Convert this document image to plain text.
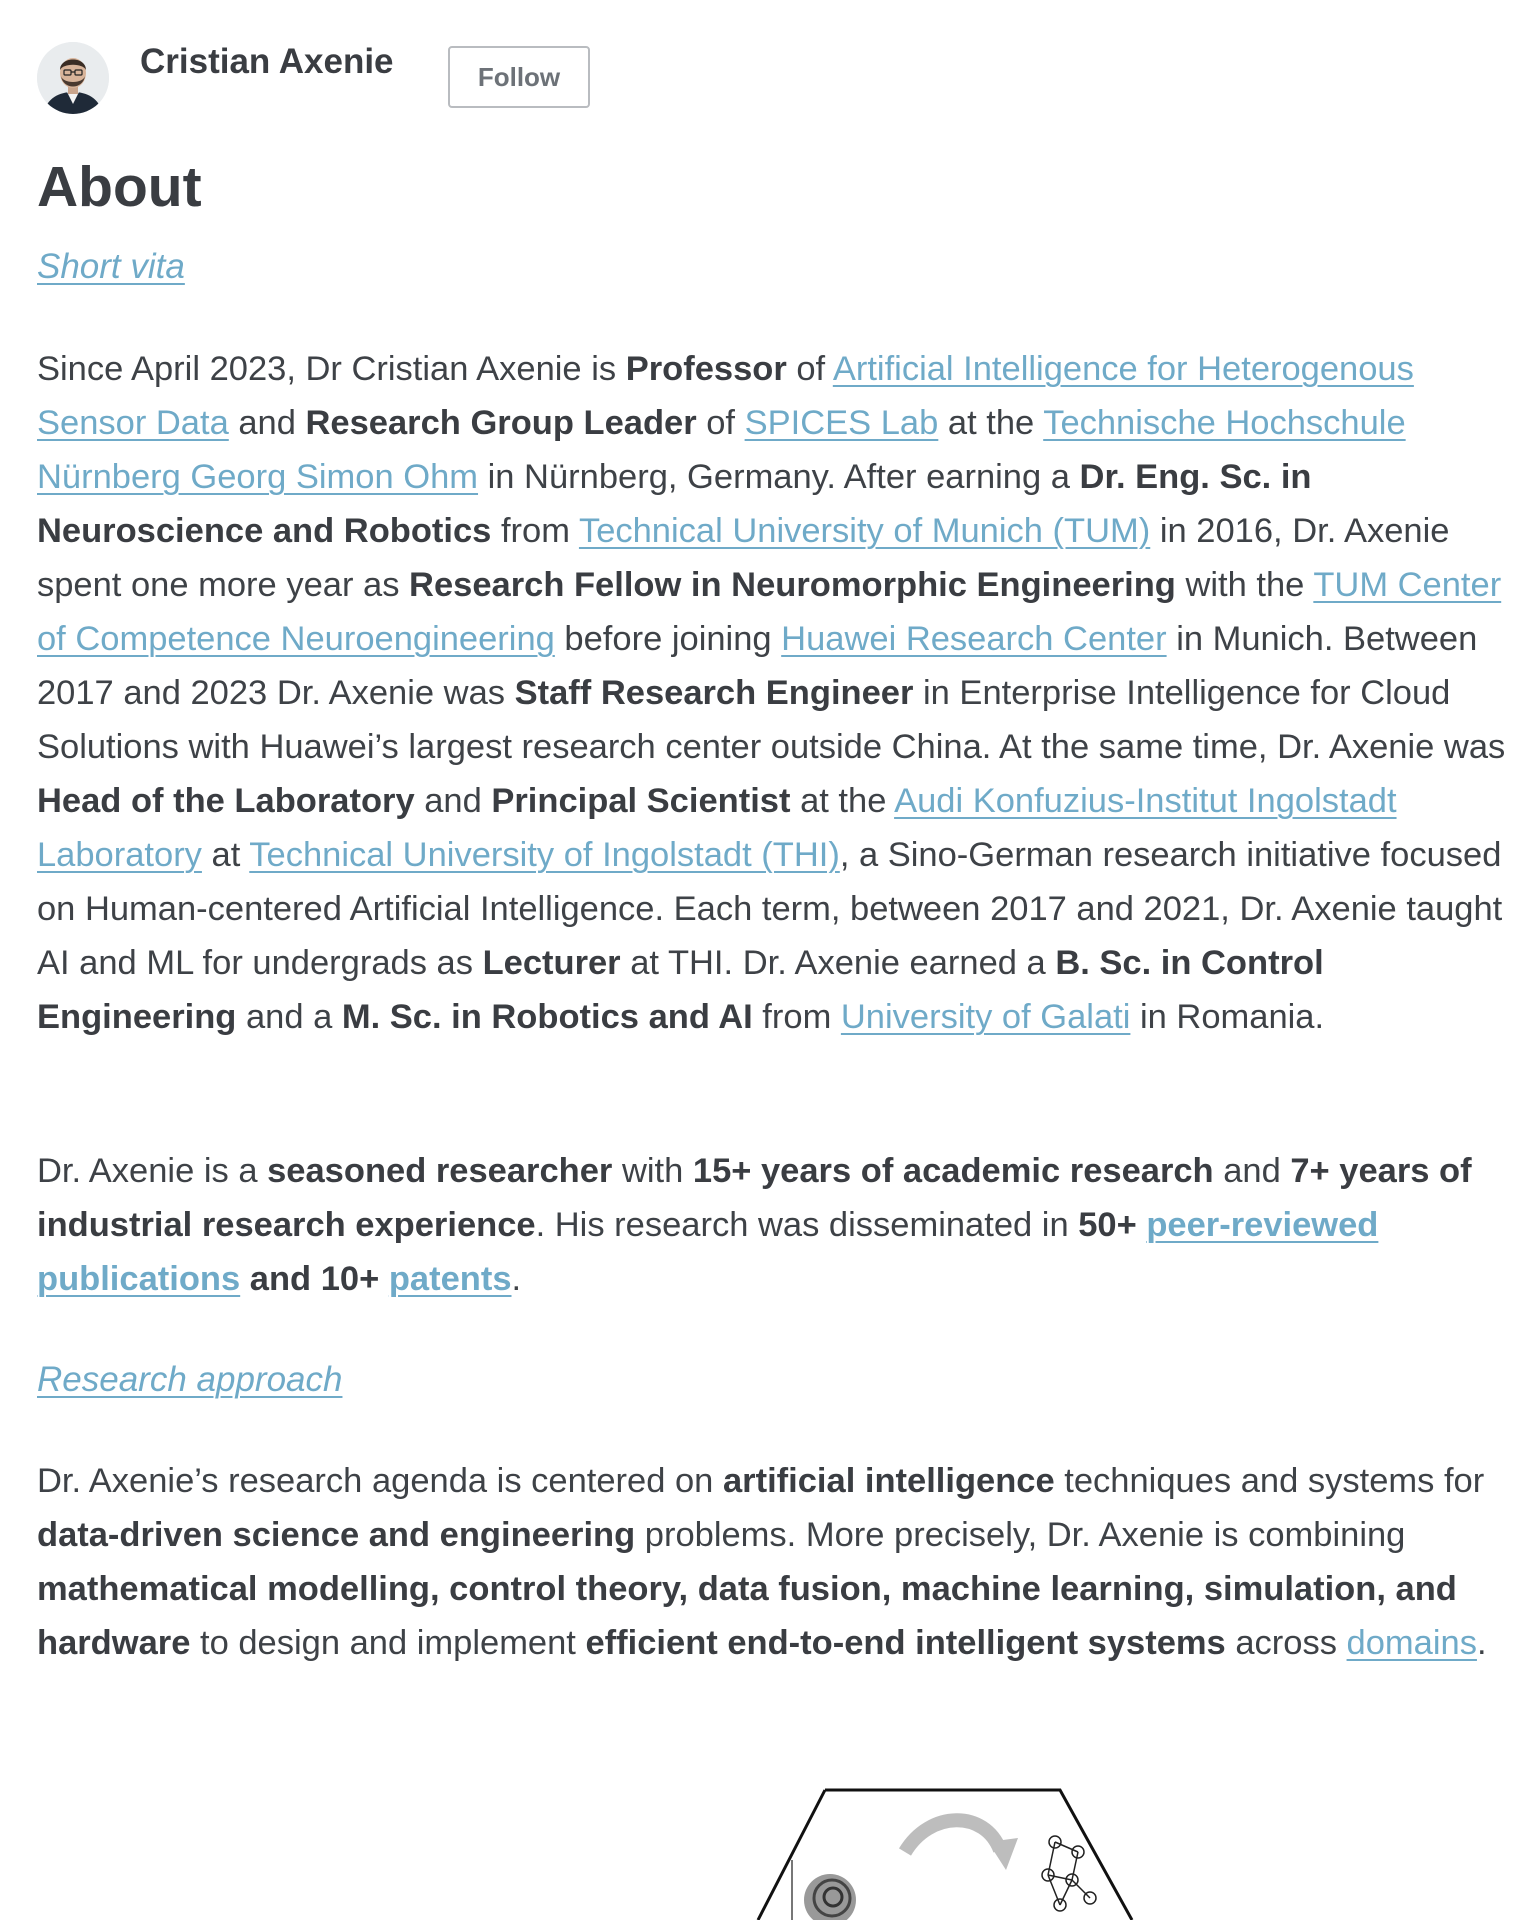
Cristian Axenie	Follow
About
Short vita

Since April 2023, Dr Cristian Axenie is Professor of Artificial Intelligence for Heterogenous Sensor Data and Research Group Leader of SPICES Lab at the Technische Hochschule Nürnberg Georg Simon Ohm in Nürnberg, Germany. After earning a Dr. Eng. Sc. in Neuroscience and Robotics from Technical University of Munich (TUM) in 2016, Dr. Axenie spent one more year as Research Fellow in Neuromorphic Engineering with the TUM Center of Competence Neuroengineering before joining Huawei Research Center in Munich. Between 2017 and 2023 Dr. Axenie was Staff Research Engineer in Enterprise Intelligence for Cloud Solutions with Huawei’s largest research center outside China. At the same time, Dr. Axenie was Head of the Laboratory and Principal Scientist at the Audi Konfuzius-Institut Ingolstadt Laboratory at Technical University of Ingolstadt (THI), a Sino-German research initiative focused on Human-centered Artificial Intelligence. Each term, between 2017 and 2021, Dr. Axenie taught AI and ML for undergrads as Lecturer at THI. Dr. Axenie earned a B. Sc. in Control Engineering and a M. Sc. in Robotics and AI from University of Galati in Romania.

Dr. Axenie is a seasoned researcher with 15+ years of academic research and 7+ years of industrial research experience. His research was disseminated in 50+ peer-reviewed publications and 10+ patents.

Research approach

Dr. Axenie’s research agenda is centered on artificial intelligence techniques and systems for data-driven science and engineering problems. More precisely, Dr. Axenie is combining mathematical modelling, control theory, data fusion, machine learning, simulation, and hardware to design and implement efficient end-to-end intelligent systems across domains.
